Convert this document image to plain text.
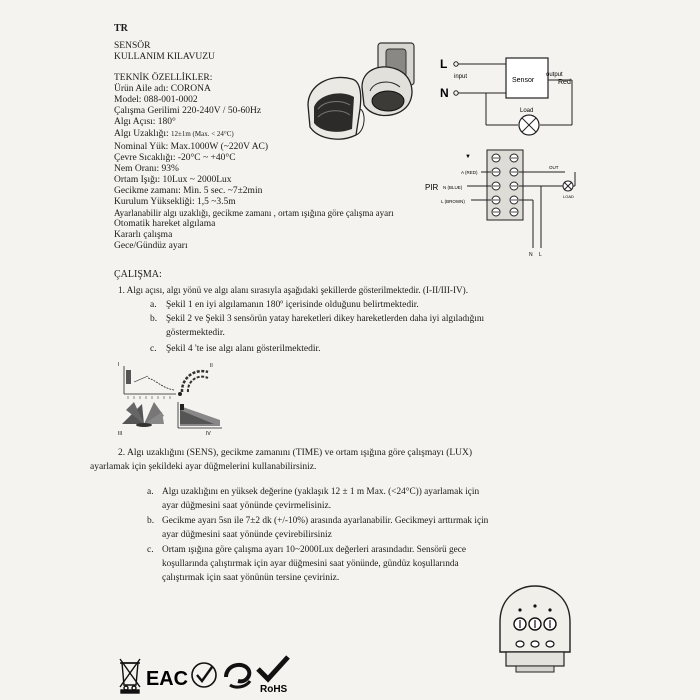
TR
SENSÖR
KULLANIM KILAVUZU
TEKNİK ÖZELLİKLER:
Ürün Aile adı: CORONA
Model: 088-001-0002
Çalışma Gerilimi 220-240V / 50-60Hz
Algı Açısı: 180°
Algı Uzaklığı: 12±1m (Max. < 24°C)
Nominal Yük: Max.1000W (~220V AC)
Çevre Sıcaklığı: -20°C ~ +40°C
Nem Oranı: 93%
Ortam Işığı: 10Lux ~ 2000Lux
Gecikme zamanı: Min. 5 sec. ~7±2min
Kurulum Yüksekliği: 1,5 ~3.5m
Ayarlanabilir algı uzaklığı, gecikme zamanı , ortam ışığına göre çalışma ayarı
Otomatik hareket algılama
Kararlı çalışma
Gece/Gündüz ayarı
L
N
input	Sensor
output
Red
Load
▼
A (RED)
PIR N (BLUE)
L (BROWN)
OUT
LOAD
N L
ÇALIŞMA:
1. Algı açısı, algı yönü ve algı alanı sırasıyla aşağıdaki şekillerde gösterilmektedir. (I-II/III-IV).
a. Şekil 1 en iyi algılamanın 180º içerisinde olduğunu belirtmektedir.
b. Şekil 2 ve Şekil 3 sensörün yatay hareketleri dikey hareketlerden daha iyi algıladığını
göstermektedir.
c. Şekil 4 'te ise algı alanı gösterilmektedir.
I	II
III	IV
2. Algı uzaklığını (SENS), gecikme zamanını (TIME) ve ortam ışığına göre çalışmayı (LUX)
ayarlamak için şekildeki ayar düğmelerini kullanabilirsiniz.
a. Algı uzaklığını en yüksek değerine (yaklaşık 12 ± 1 m Max. (<24°C)) ayarlamak için
ayar düğmesini saat yönünde çevirmelisiniz.
b. Gecikme ayarı 5sn ile 7±2 dk (+/-10%) arasında ayarlanabilir. Gecikmeyi arttırmak için
ayar düğmesini saat yönünde çevirebilirsiniz
c. Ortam ışığına göre çalışma ayarı 10~2000Lux değerleri arasındadır. Sensörü gece
koşullarında çalıştırmak için ayar düğmesini saat yönünde, gündüz koşullarında
çalıştırmak için saat yönünün tersine çeviriniz.
EAC	RoHS
